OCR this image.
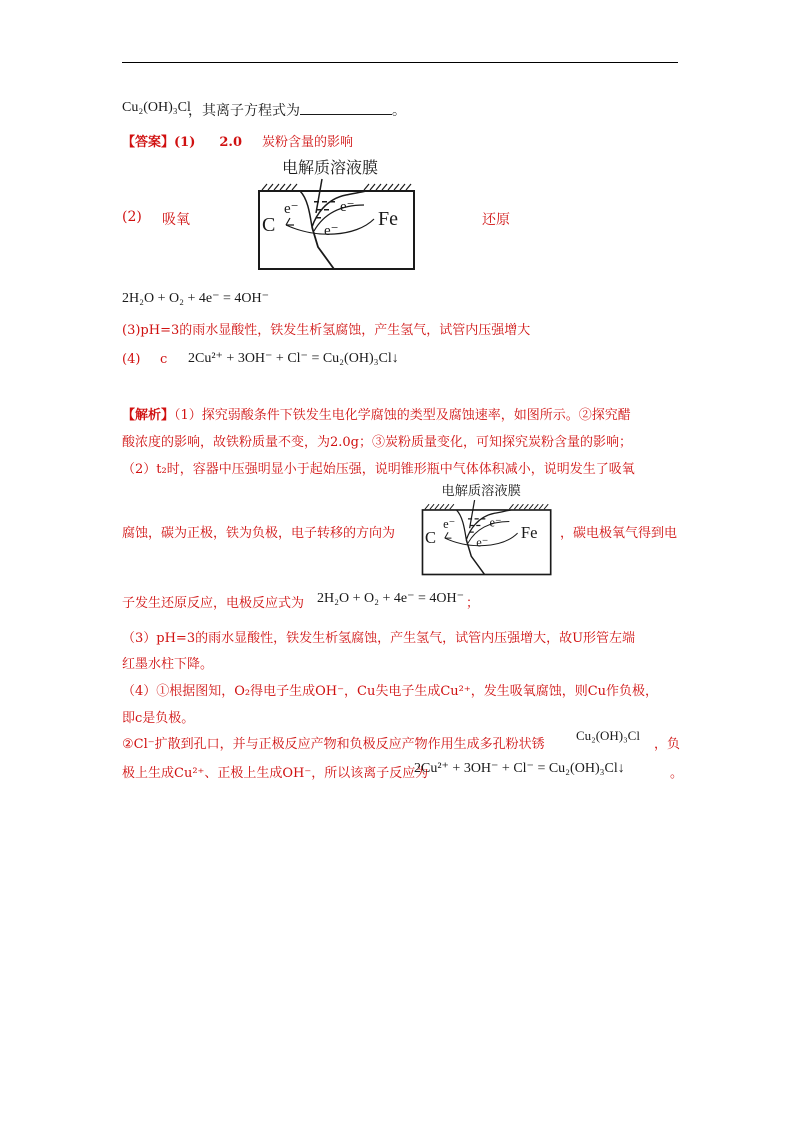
Cu₂(OH)₃Cl
，其离子方程式为	。
【答案】(1) 2.0 炭粉含量的影响
(2) 吸氧	还原
电解质溶液膜
C	Fe
e⁻	e⁻
e⁻
2H₂O + O₂ + 4e⁻ = 4OH⁻
(3)pH=3的雨水显酸性，铁发生析氢腐蚀，产生氢气，试管内压强增大
(4) c 2Cu²⁺ + 3OH⁻ + Cl⁻ = Cu₂(OH)₃Cl↓
【解析】（1）探究弱酸条件下铁发生电化学腐蚀的类型及腐蚀速率，如图所示。②探究醋
酸浓度的影响，故铁粉质量不变，为2.0g；③炭粉质量变化，可知探究炭粉含量的影响；
（2）t₂时，容器中压强明显小于起始压强，说明锥形瓶中气体体积减小，说明发生了吸氧
腐蚀，碳为正极，铁为负极，电子转移的方向为
电解质溶液膜
C	Fe
e⁻ e⁻
e⁻
，碳电极氧气得到电
子发生还原反应，电极反应式为 2H₂O + O₂ + 4e⁻ = 4OH⁻ ；
（3）pH=3的雨水显酸性，铁发生析氢腐蚀，产生氢气，试管内压强增大，故U形管左端
红墨水柱下降。
（4）①根据图知，O₂得电子生成OH⁻，Cu失电子生成Cu²⁺，发生吸氧腐蚀，则Cu作负极，
即c是负极。
②Cl⁻扩散到孔口，并与正极反应产物和负极反应产物作用生成多孔粉状锈
Cu₂(OH)₃Cl
，负
极上生成Cu²⁺、正极上生成OH⁻，所以该离子反应为
2Cu²⁺ + 3OH⁻ + Cl⁻ = Cu₂(OH)₃Cl↓	。
